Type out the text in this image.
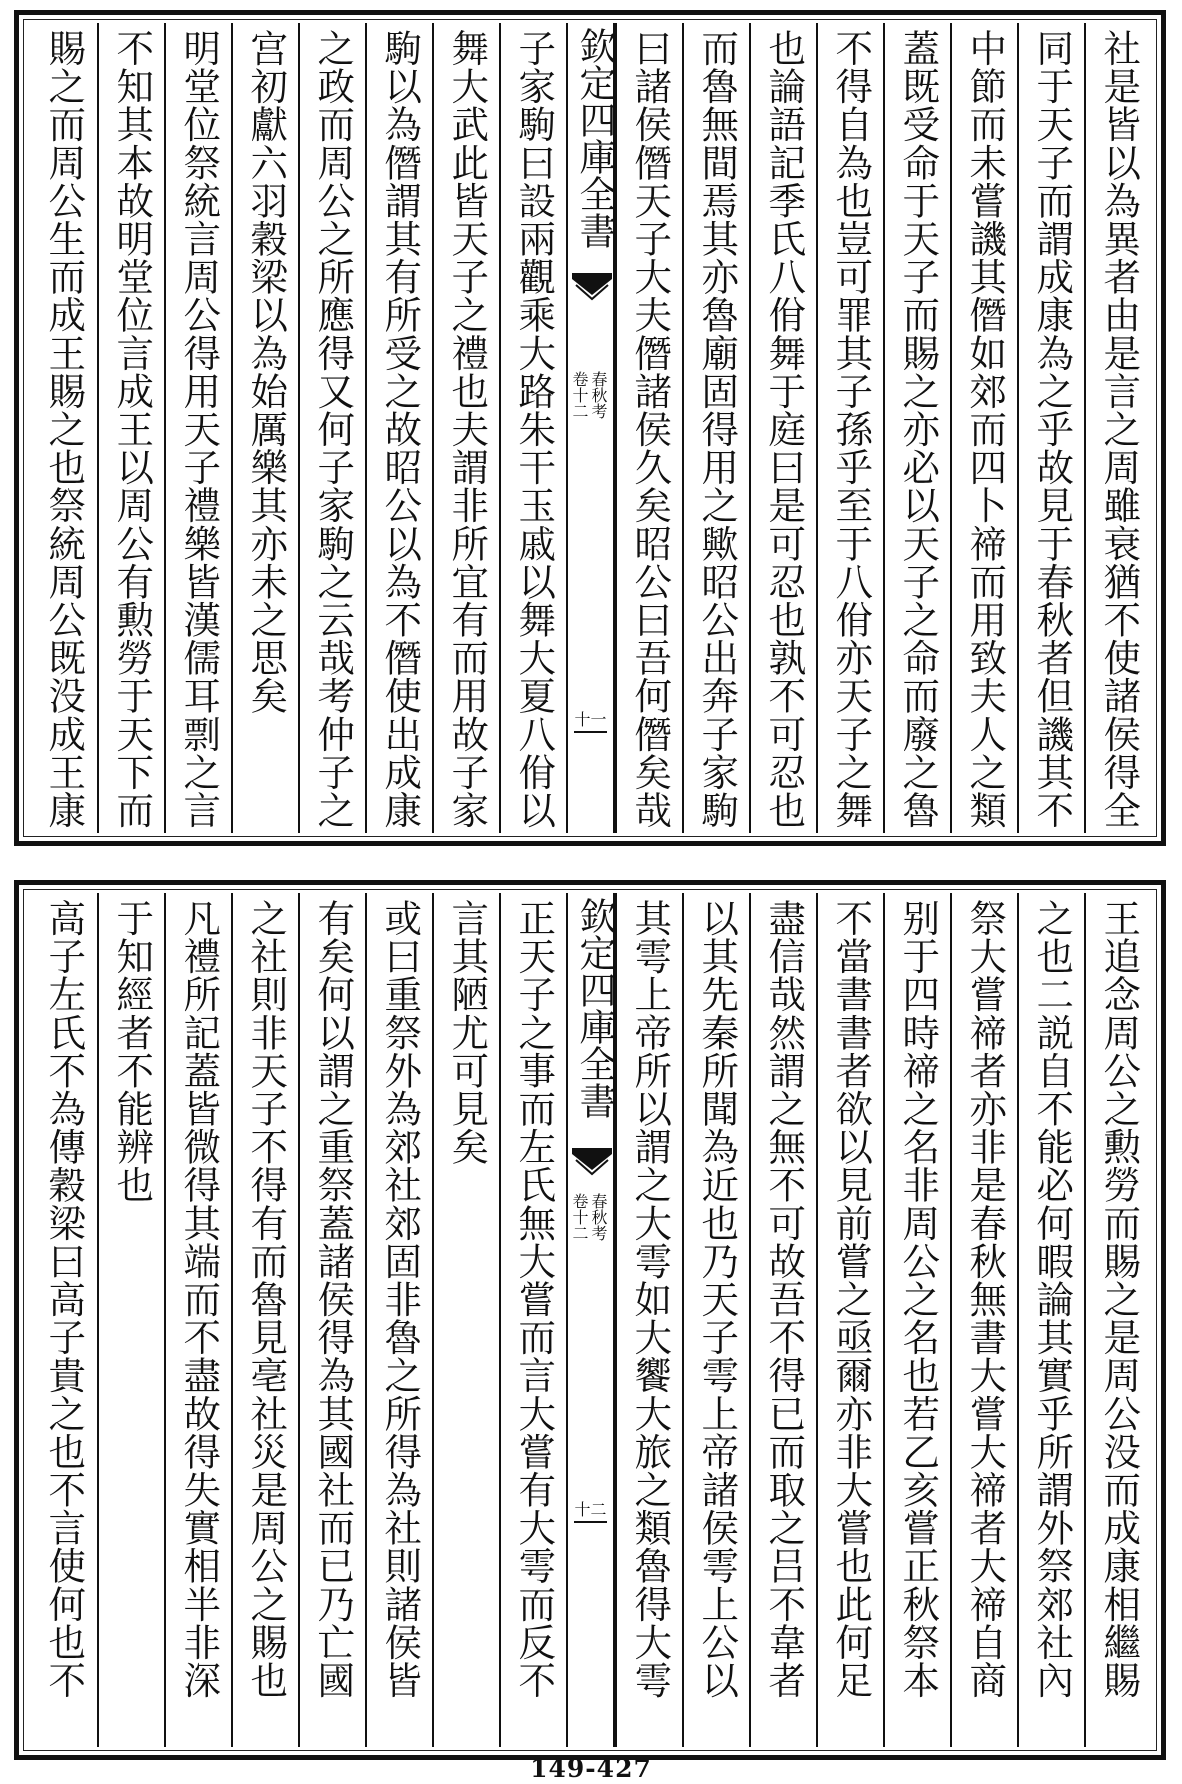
社是皆以為異者由是言之周雖衰猶不使諸侯得全
同于天子而謂成康為之乎故見于春秋者但譏其不
中節而未嘗譏其僭如郊而四卜禘而用致夫人之類
蓋既受命于天子而賜之亦必以天子之命而廢之魯
不得自為也豈可罪其子孫乎至于八佾亦天子之舞
也論語記季氏八佾舞于庭曰是可忍也孰不可忍也
而魯無間焉其亦魯廟固得用之歟昭公出奔子家駒
曰諸侯僭天子大夫僭諸侯久矣昭公曰吾何僭矣哉
欽定四庫全書
春秋考
卷十二
十一
子家駒曰設兩觀乘大路朱干玉戚以舞大夏八佾以
舞大武此皆天子之禮也夫謂非所宜有而用故子家
駒以為僭謂其有所受之故昭公以為不僭使出成康
之政而周公之所應得又何子家駒之云哉考仲子之
宫初獻六羽穀梁以為始厲樂其亦未之思矣
明堂位祭統言周公得用天子禮樂皆漢儒耳剽之言
不知其本故明堂位言成王以周公有勲勞于天下而
賜之而周公生而成王賜之也祭統周公既没成王康
王追念周公之勲勞而賜之是周公没而成康相繼賜
之也二説自不能必何暇論其實乎所謂外祭郊社內
祭大嘗禘者亦非是春秋無書大嘗大禘者大禘自商
别于四時禘之名非周公之名也若乙亥嘗正秋祭本
不當書書者欲以見前嘗之亟爾亦非大嘗也此何足
盡信哉然謂之無不可故吾不得已而取之吕不韋者
以其先秦所聞為近也乃天子雩上帝諸侯雩上公以
其雩上帝所以謂之大雩如大饗大旅之類魯得大雩
欽定四庫全書
春秋考
卷十二
十二
正天子之事而左氏無大嘗而言大嘗有大雩而反不
言其陋尤可見矣
或曰重祭外為郊社郊固非魯之所得為社則諸侯皆
有矣何以謂之重祭蓋諸侯得為其國社而已乃亡國
之社則非天子不得有而魯見亳社災是周公之賜也
凡禮所記蓋皆微得其端而不盡故得失實相半非深
于知經者不能辨也
高子左氏不為傳穀梁曰高子貴之也不言使何也不
149-427
